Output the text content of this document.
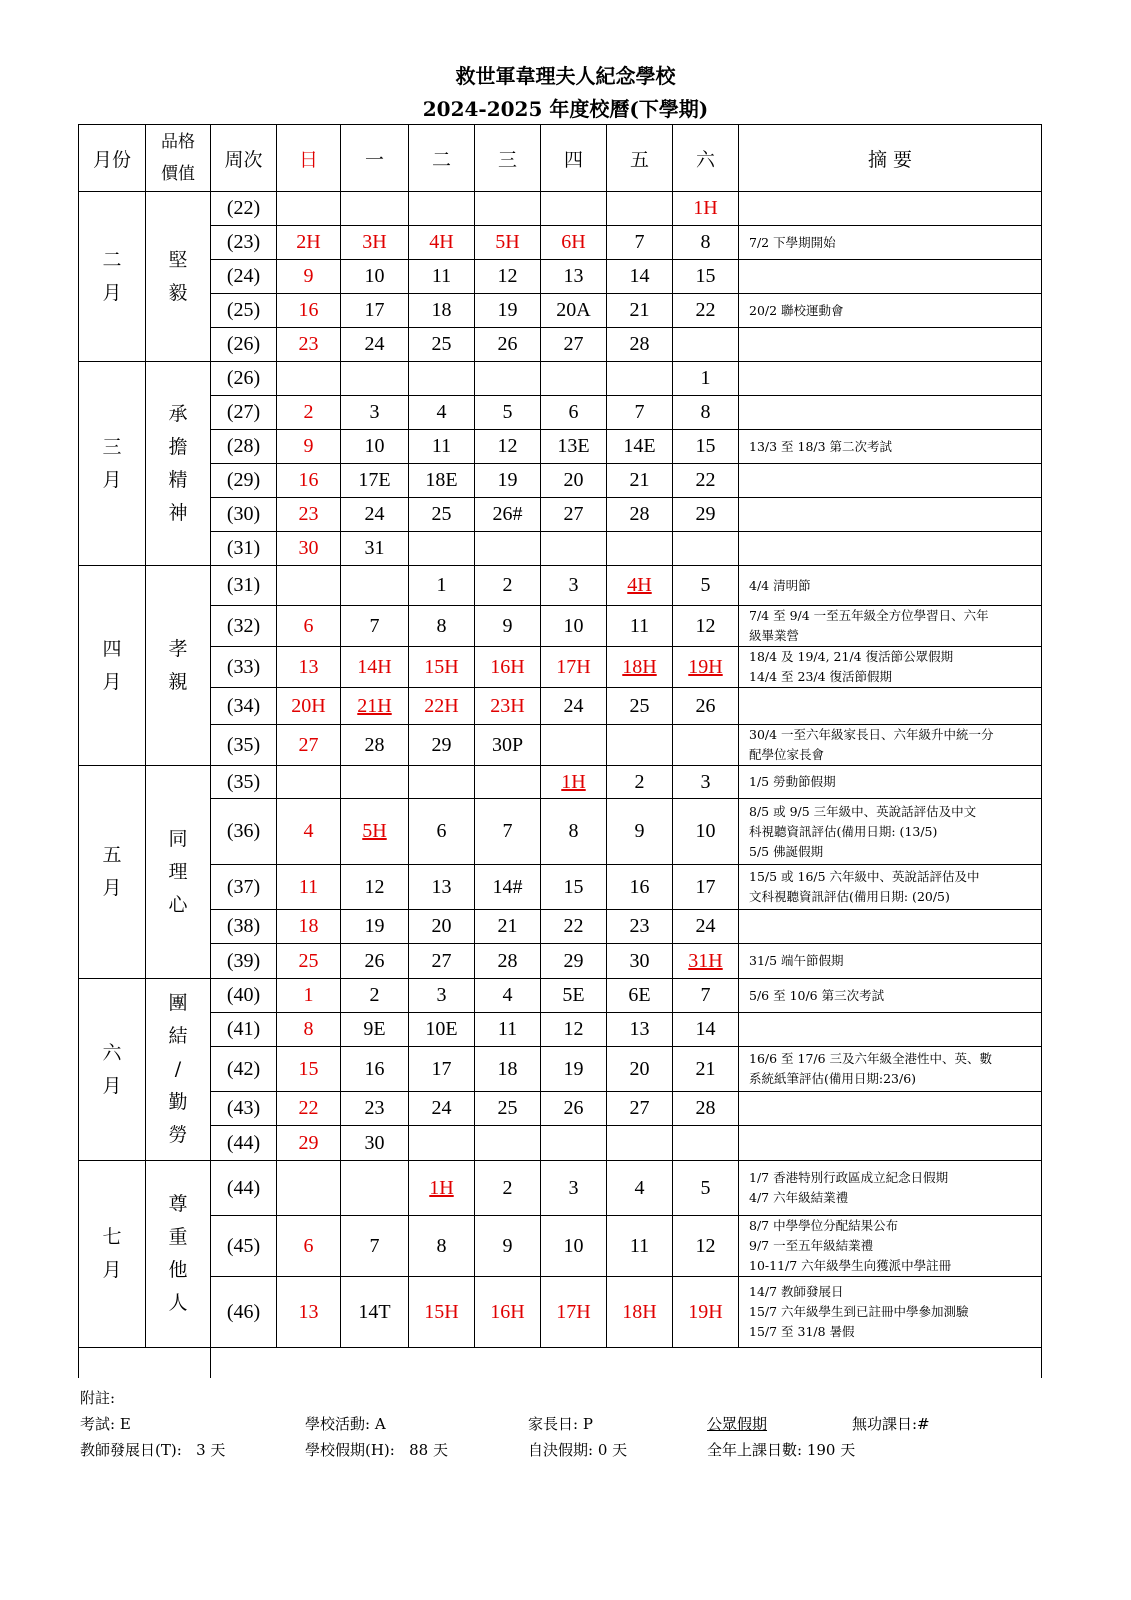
救世軍韋理夫人紀念學校
2024-2025 年度校曆(下學期)
月份	品格
價值	周次	日	一	二	三	四	五	六	摘 要

二
月	堅
毅	(22)							1H	
		(23)	2H	3H	4H	5H	6H	7	8	7/2 下學期開始

		(24)	9	10	11	12	13	14	15	
		(25)	16	17	18	19	20A	21	22	20/2 聯校運動會

		(26)	23	24	25	26	27	28		

三
月	承
擔
精
神	(26)							1	
		(27)	2	3	4	5	6	7	8	
		(28)	9	10	11	12	13E	14E	15	13/3 至 18/3 第二次考試

		(29)	16	17E	18E	19	20	21	22	
		(30)	23	24	25	26#	27	28	29	
		(31)	30	31						

四
月	孝
親	(31)			1	2	3	4H	5	4/4 清明節

		(32)	6	7	8	9	10	11	12	7/4 至 9/4 一至五年級全方位學習日、六年
級畢業營

		(33)	13	14H	15H	16H	17H	18H	19H	18/4 及 19/4, 21/4 復活節公眾假期
14/4 至 23/4 復活節假期

		(34)	20H	21H	22H	23H	24	25	26	
		(35)	27	28	29	30P				30/4 一至六年級家長日、六年級升中統一分
配學位家長會

五
月	同
理
心	(35)					1H	2	3	1/5 勞動節假期

		(36)	4	5H	6	7	8	9	10	8/5 或 9/5 三年級中、英說話評估及中文
科視聽資訊評估(備用日期: (13/5)
5/5 佛誕假期

		(37)	11	12	13	14#	15	16	17	15/5 或 16/5 六年級中、英說話評估及中
文科視聽資訊評估(備用日期: (20/5)

		(38)	18	19	20	21	22	23	24	
		(39)	25	26	27	28	29	30	31H	31/5 端午節假期

六
月	團
結
/
勤
勞	(40)	1	2	3	4	5E	6E	7	5/6 至 10/6 第三次考試

		(41)	8	9E	10E	11	12	13	14	
		(42)	15	16	17	18	19	20	21	16/6 至 17/6 三及六年級全港性中、英、數
系統紙筆評估(備用日期:23/6)

		(43)	22	23	24	25	26	27	28	
		(44)	29	30						

七
月	尊
重
他
人	(44)			1H	2	3	4	5	1/7 香港特別行政區成立紀念日假期
4/7 六年級結業禮

		(45)	6	7	8	9	10	11	12	8/7 中學學位分配結果公布
9/7 一至五年級結業禮
10-11/7 六年級學生向獲派中學註冊

		(46)	13	14T	15H	16H	17H	18H	19H	14/7 教師發展日
15/7 六年級學生到已註冊中學參加測驗
15/7 至 31/8 暑假

附註:
考試: E	學校活動: A	家長日: P	公眾假期	無功課日:#
教師發展日(T):   3 天	學校假期(H):   88 天	自決假期: 0 天	全年上課日數: 190 天
